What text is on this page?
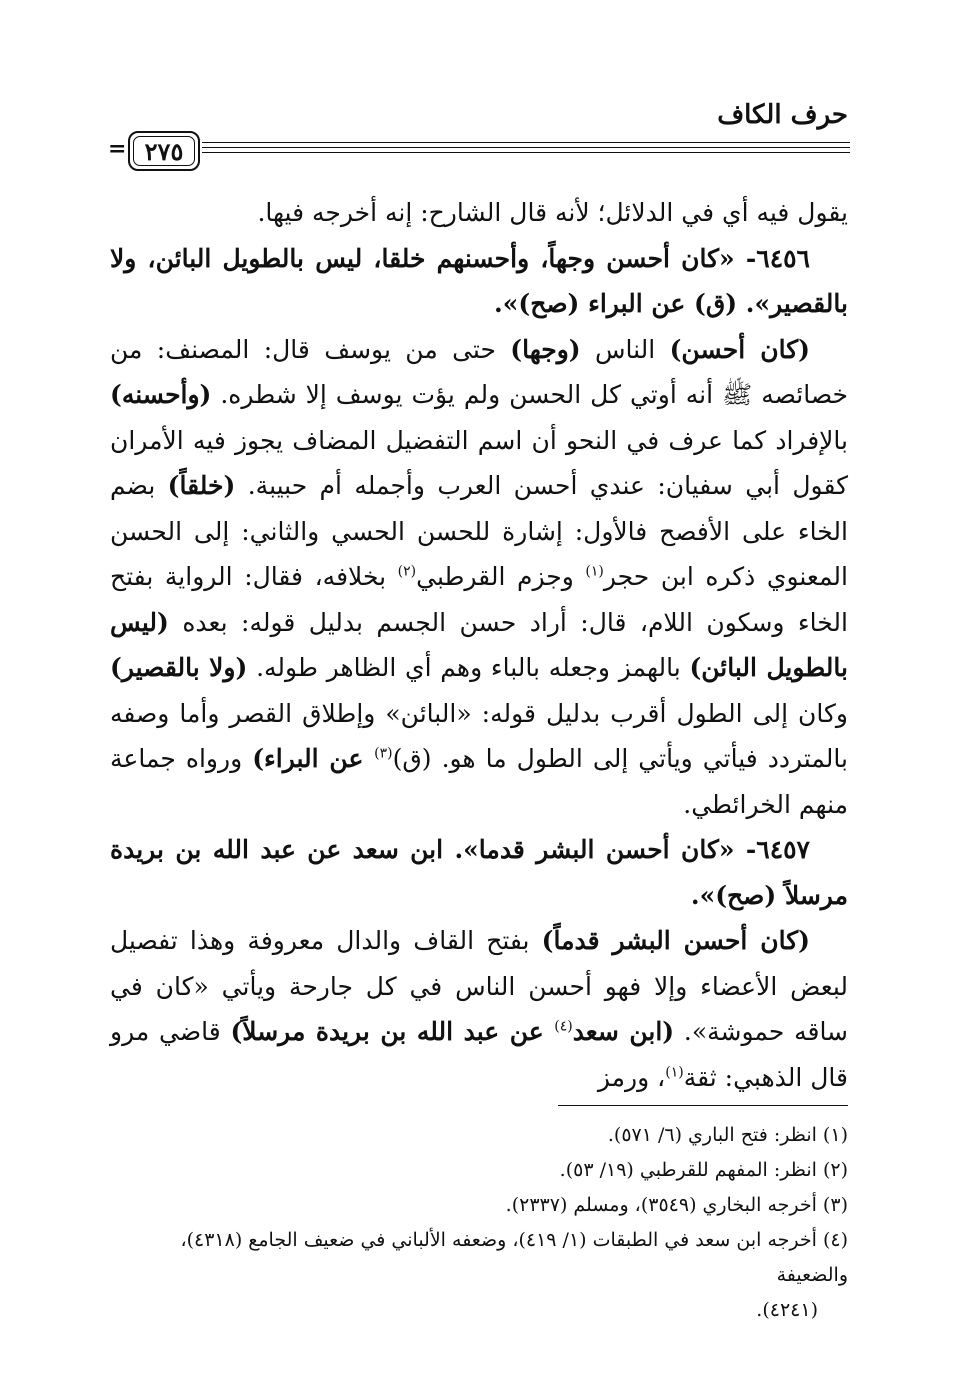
حرف الكاف
٢٧٥
=

يقول فيه أي في الدلائل؛ لأنه قال الشارح: إنه أخرجه فيها.

٦٤٥٦- «كان أحسن وجهاً، وأحسنهم خلقا، ليس بالطويل البائن، ولا بالقصير». (ق) عن البراء (صح)».

(كان أحسن) الناس (وجها) حتى من يوسف قال: المصنف: من خصائصه ﷺ أنه أوتي كل الحسن ولم يؤت يوسف إلا شطره. (وأحسنه) بالإفراد كما عرف في النحو أن اسم التفضيل المضاف يجوز فيه الأمران كقول أبي سفيان: عندي أحسن العرب وأجمله أم حبيبة. (خلقاً) بضم الخاء على الأفصح فالأول: إشارة للحسن الحسي والثاني: إلى الحسن المعنوي ذكره ابن حجر$^{(١)}$ وجزم القرطبي$^{(٢)}$ بخلافه، فقال: الرواية بفتح الخاء وسكون اللام، قال: أراد حسن الجسم بدليل قوله: بعده (ليس بالطويل البائن) بالهمز وجعله بالباء وهم أي الظاهر طوله. (ولا بالقصير) وكان إلى الطول أقرب بدليل قوله: «البائن» وإطلاق القصر وأما وصفه بالمتردد فيأتي ويأتي إلى الطول ما هو. (ق)$^{(٣)}$ عن البراء) ورواه جماعة منهم الخرائطي.

٦٤٥٧- «كان أحسن البشر قدما». ابن سعد عن عبد الله بن بريدة مرسلاً (صح)».

(كان أحسن البشر قدماً) بفتح القاف والدال معروفة وهذا تفصيل لبعض الأعضاء وإلا فهو أحسن الناس في كل جارحة ويأتي «كان في ساقه حموشة». (ابن سعد$^{(٤)}$ عن عبد الله بن بريدة مرسلاً) قاضي مرو قال الذهبي: ثقة$^{(١)}$، ورمز

(١) انظر: فتح الباري (٦/ ٥٧١).

(٢) انظر: المفهم للقرطبي (١٩/ ٥٣).

(٣) أخرجه البخاري (٣٥٤٩)، ومسلم (٢٣٣٧).

(٤) أخرجه ابن سعد في الطبقات (١/ ٤١٩)، وضعفه الألباني في ضعيف الجامع (٤٣١٨)، والضعيفة

(٤٢٤١).
